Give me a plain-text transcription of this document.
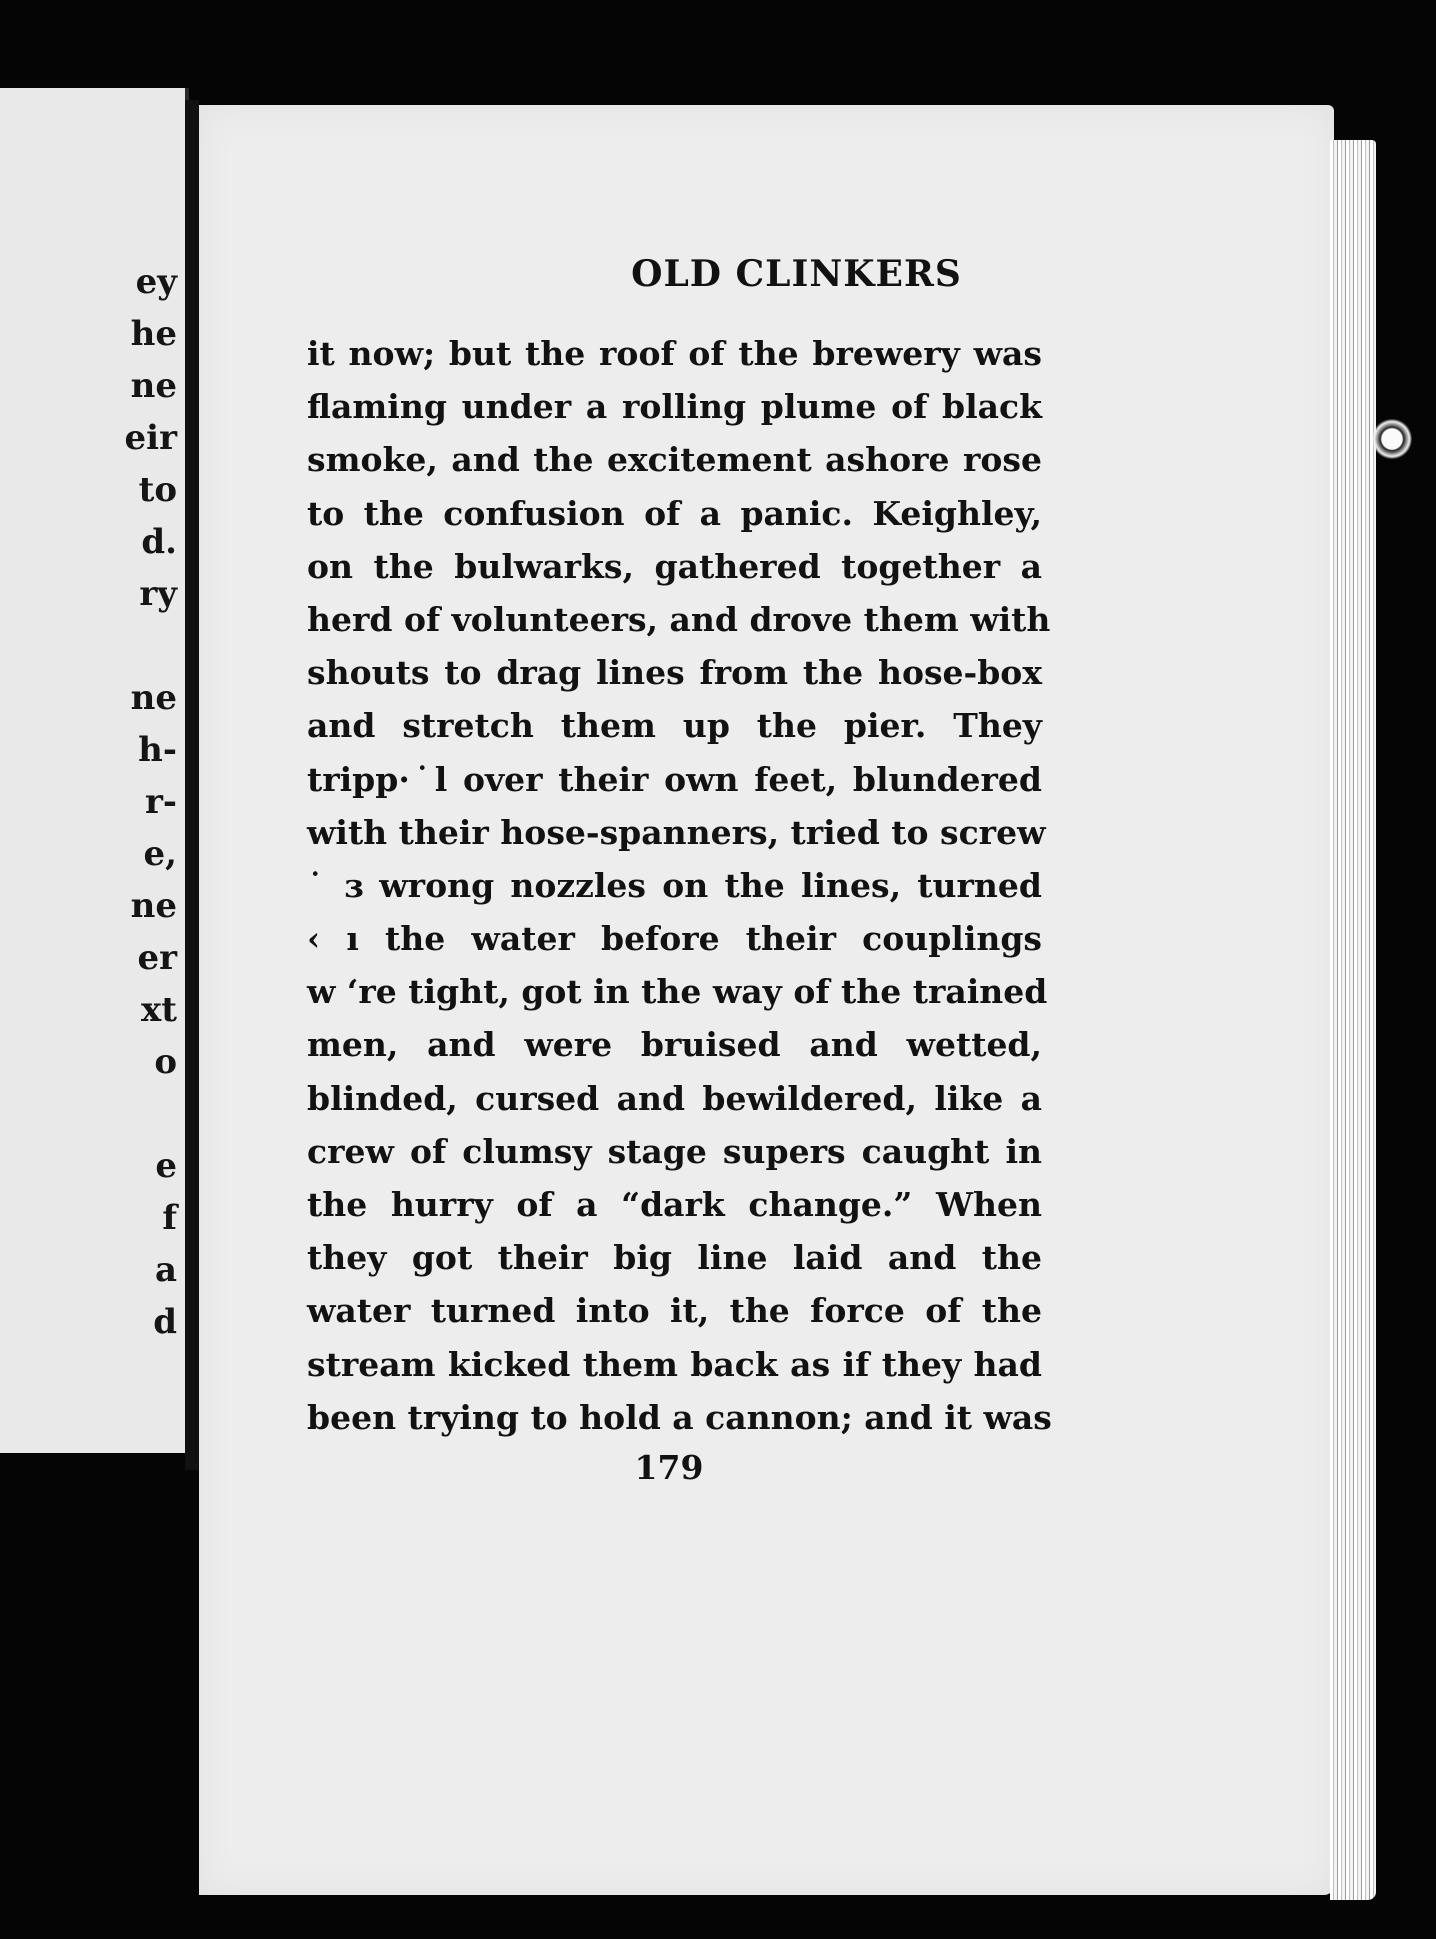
ey
he
ne
eir
to
d.
ry
ne
h-
r-
e,
ne
er
xt
o
e
f
a
d
OLD CLINKERS
it now; but the roof of the brewery was
flaming under a rolling plume of black
smoke, and the excitement ashore rose
to the confusion of a panic. Keighley,
on the bulwarks, gathered together a
herd of volunteers, and drove them with
shouts to drag lines from the hose-box
and stretch them up the pier. They
tripp·˙l over their own feet, blundered
with their hose-spanners, tried to screw
˙ ɜ wrong nozzles on the lines, turned
‹ ı the water before their couplings
w ʻre tight, got in the way of the trained
men, and were bruised and wetted,
blinded, cursed and bewildered, like a
crew of clumsy stage supers caught in
the hurry of a “dark change.” When
they got their big line laid and the
water turned into it, the force of the
stream kicked them back as if they had
been trying to hold a cannon; and it was
179
